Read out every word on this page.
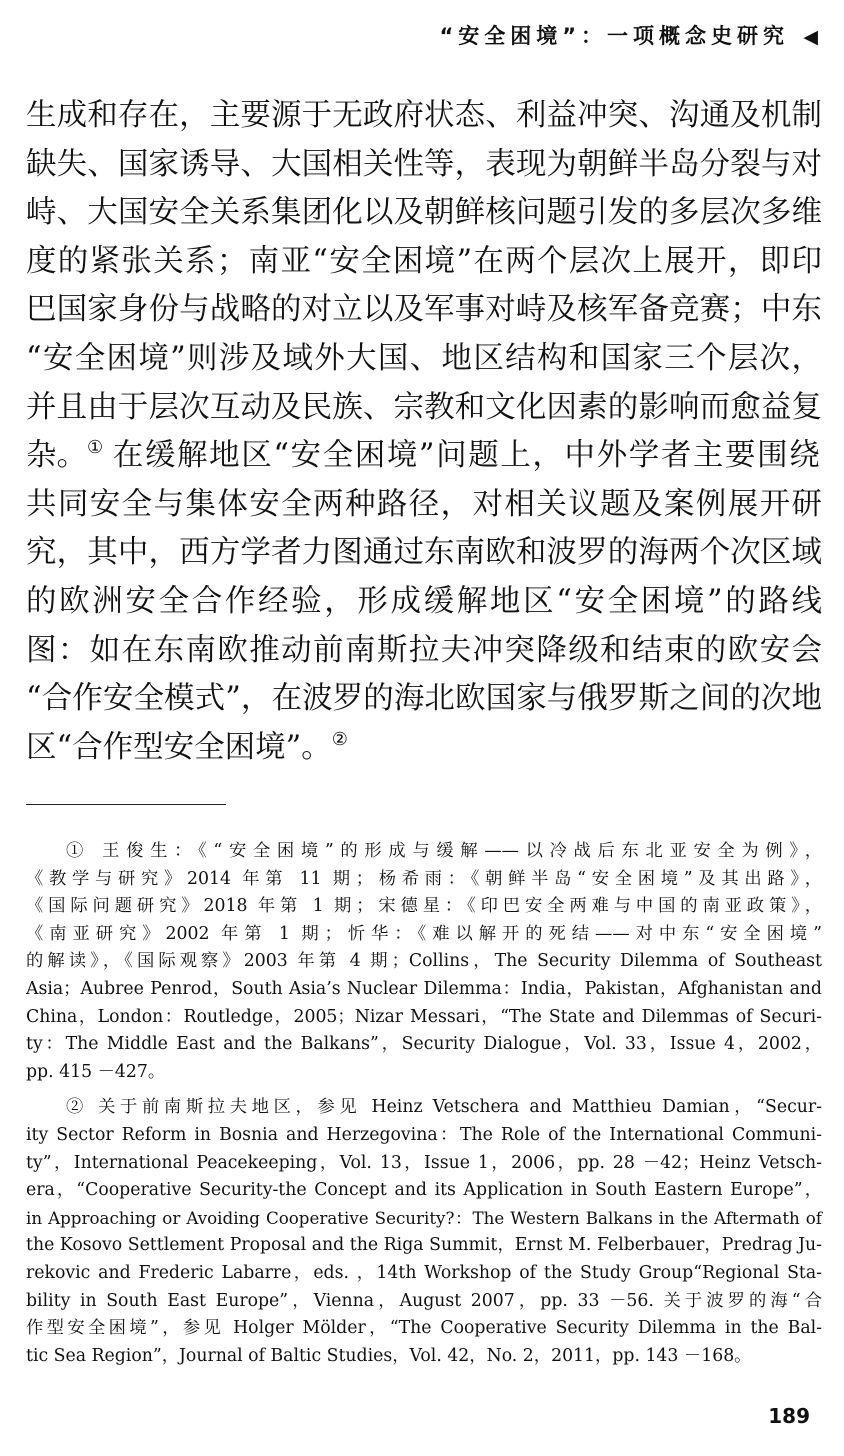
“安全困境”：一项概念史研究 ◀
生成和存在，主要源于无政府状态、利益冲突、沟通及机制
缺失、国家诱导、大国相关性等，表现为朝鲜半岛分裂与对
峙、大国安全关系集团化以及朝鲜核问题引发的多层次多维
度的紧张关系；南亚“安全困境”在两个层次上展开，即印
巴国家身份与战略的对立以及军事对峙及核军备竞赛；中东
“安全困境”则涉及域外大国、地区结构和国家三个层次，
并且由于层次互动及民族、宗教和文化因素的影响而愈益复
杂。① 在缓解地区“安全困境”问题上，中外学者主要围绕
共同安全与集体安全两种路径，对相关议题及案例展开研
究，其中，西方学者力图通过东南欧和波罗的海两个次区域
的欧洲安全合作经验，形成缓解地区“安全困境”的路线
图：如在东南欧推动前南斯拉夫冲突降级和结束的欧安会
“合作安全模式”，在波罗的海北欧国家与俄罗斯之间的次地
区“合作型安全困境”。②
① 王俊生：《“安全困境”的形成与缓解——以冷战后东北亚安全为例》，
《教学与研究》2014 年第 11 期；杨希雨：《朝鲜半岛“安全困境”及其出路》，
《国际问题研究》2018 年第 1 期；宋德星：《印巴安全两难与中国的南亚政策》，
《南亚研究》2002 年第 1 期；忻华：《难以解开的死结——对中东“安全困境”
的解读》，《国际观察》2003 年第 4 期；Collins，The Security Dilemma of Southeast
Asia；Aubree Penrod，South Asia’s Nuclear Dilemma：India，Pakistan，Afghanistan and
China，London：Routledge，2005；Nizar Messari，“The State and Dilemmas of Securi-
ty：The Middle East and the Balkans”，Security Dialogue，Vol. 33，Issue 4，2002，
pp. 415 －427。
② 关于前南斯拉夫地区，参见 Heinz Vetschera and Matthieu Damian，“Secur-
ity Sector Reform in Bosnia and Herzegovina：The Role of the International Communi-
ty”，International Peacekeeping，Vol. 13，Issue 1，2006，pp. 28 －42；Heinz Vetsch-
era，“Cooperative Security-the Concept and its Application in South Eastern Europe”，
in Approaching or Avoiding Cooperative Security?：The Western Balkans in the Aftermath of
the Kosovo Settlement Proposal and the Riga Summit，Ernst M. Felberbauer，Predrag Ju-
rekovic and Frederic Labarre，eds. ，14th Workshop of the Study Group“Regional Sta-
bility in South East Europe”，Vienna，August 2007，pp. 33 －56. 关于波罗的海“合
作型安全困境”，参见 Holger Mölder，“The Cooperative Security Dilemma in the Bal-
tic Sea Region”，Journal of Baltic Studies，Vol. 42，No. 2，2011，pp. 143 －168。
189
